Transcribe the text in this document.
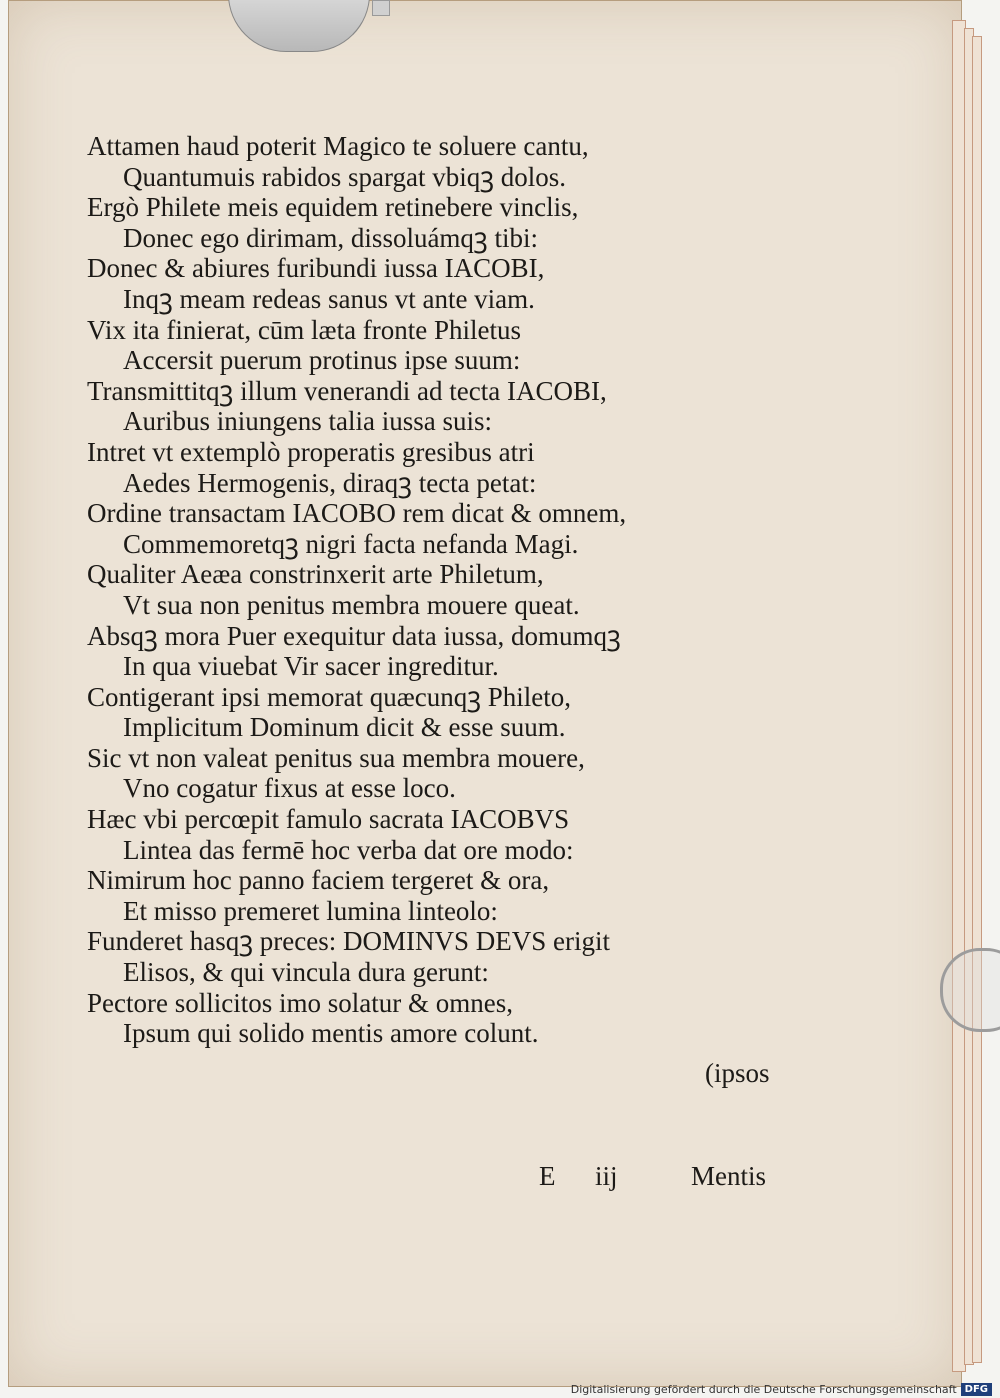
Attamen haud poterit Magico te soluere cantu,
Quantumuis rabidos spargat vbiqꝫ dolos.
Ergò Philete meis equidem retinebere vinclis,
Donec ego dirimam, dissoluámqꝫ tibi:
Donec & abiures furibundi iussa IACOBI,
Inqꝫ meam redeas sanus vt ante viam.
Vix ita finierat, cūm læta fronte Philetus
Accersit puerum protinus ipse suum:
Transmittitqꝫ illum venerandi ad tecta IACOBI,
Auribus iniungens talia iussa suis:
Intret vt extemplò properatis gresibus atri
Aedes Hermogenis, diraqꝫ tecta petat:
Ordine transactam IACOBO rem dicat & omnem,
Commemoretqꝫ nigri facta nefanda Magi.
Qualiter Aeæa constrinxerit arte Philetum,
Vt sua non penitus membra mouere queat.
Absqꝫ mora Puer exequitur data iussa, domumqꝫ
In qua viuebat Vir sacer ingreditur.
Contigerant ipsi memorat quæcunqꝫ Phileto,
Implicitum Dominum dicit & esse suum.
Sic vt non valeat penitus sua membra mouere,
Vno cogatur fixus at esse loco.
Hæc vbi percœpit famulo sacrata IACOBVS
Lintea das fermē hoc verba dat ore modo:
Nimirum hoc panno faciem tergeret & ora,
Et misso premeret lumina linteolo:
Funderet hasqꝫ preces: DOMINVS DEVS erigit
Elisos, & qui vincula dura gerunt:
Pectore sollicitos imo solatur & omnes,
Ipsum qui solido mentis amore colunt.
(ipsos
E iij	Mentis
Digitalisierung gefördert durch die Deutsche Forschungsgemeinschaft DFG
